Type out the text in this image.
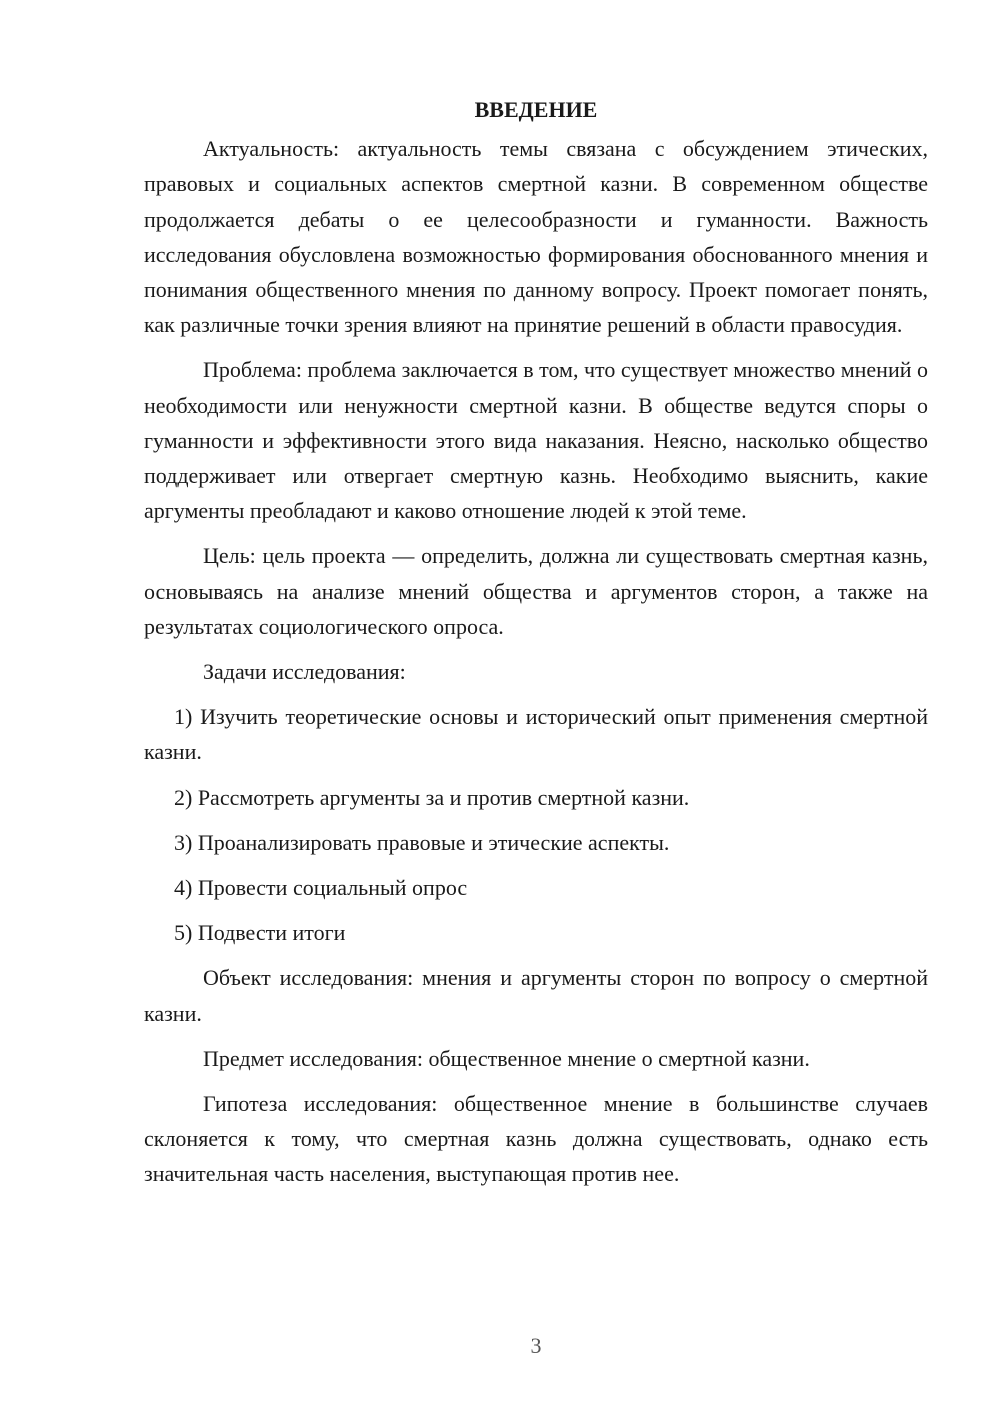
ВВЕДЕНИЕ

Актуальность: актуальность темы связана с обсуждением этических, правовых и социальных аспектов смертной казни. В современном обществе продолжается дебаты о ее целесообразности и гуманности. Важность исследования обусловлена возможностью формирования обоснованного мнения и понимания общественного мнения по данному вопросу. Проект помогает понять, как различные точки зрения влияют на принятие решений в области правосудия.

Проблема: проблема заключается в том, что существует множество мнений о необходимости или ненужности смертной казни. В обществе ведутся споры о гуманности и эффективности этого вида наказания. Неясно, насколько общество поддерживает или отвергает смертную казнь. Необходимо выяснить, какие аргументы преобладают и каково отношение людей к этой теме.

Цель: цель проекта — определить, должна ли существовать смертная казнь, основываясь на анализе мнений общества и аргументов сторон, а также на результатах социологического опроса.

Задачи исследования:

1) Изучить теоретические основы и исторический опыт применения смертной казни.

2) Рассмотреть аргументы за и против смертной казни.

3) Проанализировать правовые и этические аспекты.

4) Провести социальный опрос

5) Подвести итоги

Объект исследования: мнения и аргументы сторон по вопросу о смертной казни.

Предмет исследования: общественное мнение о смертной казни.

Гипотеза исследования: общественное мнение в большинстве случаев склоняется к тому, что смертная казнь должна существовать, однако есть значительная часть населения, выступающая против нее.

3
